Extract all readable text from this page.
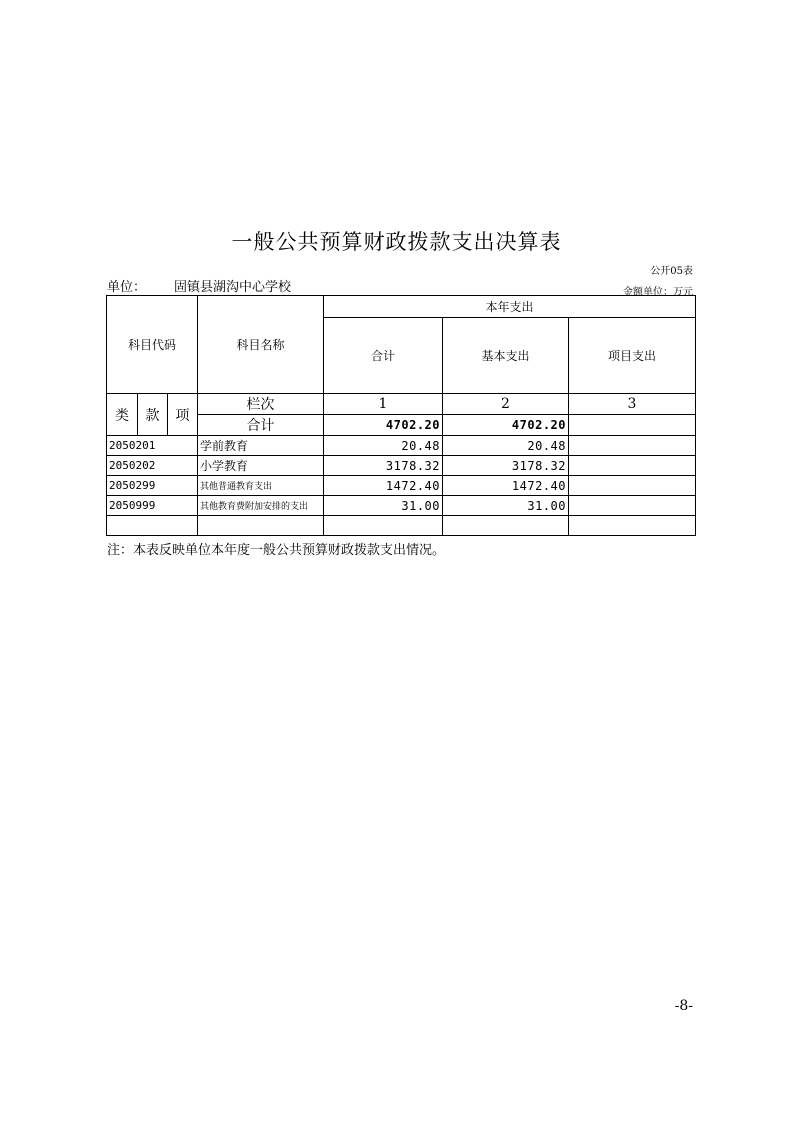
一般公共预算财政拨款支出决算表
公开05表
单位： 固镇县湖沟中心学校	金额单位：万元
科目代码			科目名称	本年支出		
				合计	基本支出	项目支出
类	款	项	栏次	1	2	3
			合计	4702.20	4702.20	
2050201			学前教育	20.48	20.48	
2050202			小学教育	3178.32	3178.32	
2050299			其他普通教育支出	1472.40	1472.40	
2050999			其他教育费附加安排的支出	31.00	31.00	

注：本表反映单位本年度一般公共预算财政拨款支出情况。
-8-
